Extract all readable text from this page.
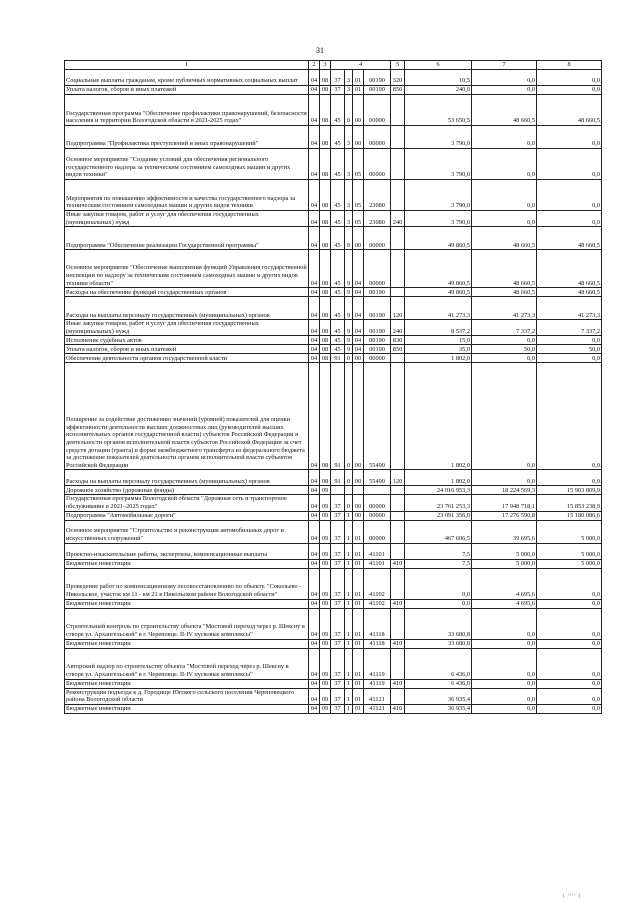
31
1	2	3	4				5	6	7	8
Социальные выплаты гражданам, кроме публичных нормативных социальных выплат	04	08	37	3	01	00190	320	10,5	0,0	0,0
Уплата налогов, сборов и иных платежей	04	08	37	3	01	00190	850	240,0	0,0	0,0
Государственная программа "Обеспечение профилактики правонарушений, безопасности населения и территории Вологодской области в 2021-2025 годах"	04	08	45	0	00	00000		53 650,5	48 660,5	48 660,5
Подпрограмма "Профилактика преступлений и иных правонарушений"	04	08	45	3	00	00000		3 790,0	0,0	0,0
Основное мероприятие "Создание условий для обеспечения регионального государственного надзора за техническим состоянием самоходных машин и других видов техники"	04	08	45	3	05	00000		3 790,0	0,0	0,0
Мероприятия по повышению эффективности и качества государственного надзора за техническим состоянием самоходных машин и других видов техники	04	08	45	3	05	23080		3 790,0	0,0	0,0
Иные закупки товаров, работ и услуг для обеспечения государственных (муниципальных) нужд	04	08	45	3	05	23080	240	3 790,0	0,0	0,0
Подпрограмма "Обеспечение реализации Государственной программы"	04	08	45	9	00	00000		49 860,5	48 660,5	48 660,5
Основное мероприятие "Обеспечение выполнения функций Управления государственной инспекции по надзору за техническим состоянием самоходных машин и других видов техники области"	04	08	45	9	04	00000		49 860,5	48 660,5	48 660,5
Расходы на обеспечение функций государственных органов	04	08	45	9	04	00190		49 860,5	48 660,5	48 660,5
Расходы на выплаты персоналу государственных (муниципальных) органов	04	08	45	9	04	00190	120	41 273,3	41 273,3	41 273,3
Иные закупки товаров, работ и услуг для обеспечения государственных (муниципальных) нужд	04	08	45	9	04	00190	240	8 537,2	7 337,2	7 337,2
Исполнение судебных актов	04	08	45	9	04	00190	830	15,0	0,0	0,0
Уплата налогов, сборов и иных платежей	04	08	45	9	04	00190	850	35,0	50,0	50,0
Обеспечение деятельности органов государственной власти	04	08	91	0	00	00000		1 802,0	0,0	0,0
Поощрение за содействие достижению значений (уровней) показателей для оценки эффективности деятельности высших должностных лиц (руководителей высших исполнительных органов государственной власти) субъектов Российской Федерации и деятельности органов исполнительной власти субъектов Российской Федерации за счет средств дотации (гранта) в форме межбюджетного трансферта из федерального бюджета за достижение показателей деятельности органов исполнительной власти субъектов Российской Федерации	04	08	91	0	00	55490		1 802,0	0,0	0,0
Расходы на выплаты персоналу государственных (муниципальных) органов	04	08	91	0	00	55490	120	1 802,0	0,0	0,0
Дорожное хозяйство (дорожные фонды)	04	09						24 016 953,3	18 224 569,3	15 903 809,9
Государственная программа Вологодской области "Дорожная сеть и транспортное обслуживание в 2021–2025 годах"	04	09	37	0	00	00000		23 761 253,3	17 948 718,1	15 853 238,9
Подпрограмма "Автомобильные дороги"	04	09	37	1	00	00000		23 091 356,0	17 276 590,8	15 180 086,6
Основное мероприятие "Строительство и реконструкция автомобильных дорог и искусственных сооружений"	04	09	37	1	01	00000		467 606,5	39 695,6	5 000,0
Проектно-изыскательские работы, экспертизы, компенсационные выплаты	04	09	37	1	01	41101		7,5	5 000,0	5 000,0
Бюджетные инвестиции	04	09	37	1	01	41101	410	7,5	5 000,0	5 000,0
Проведение работ по компенсационному лесовосстановлению по объекту. "Сокольево - Никольское, участок км 11 - км 21 в Никольском районе Вологодской области"	04	09	37	1	01	41102		0,0	4 695,6	0,0
Бюджетные инвестиции	04	09	37	1	01	41102	410	0,0	4 695,6	0,0
Строительный контроль по строительству объекта "Мостовой переход через р. Шексну в створе ул. Архангельской" в г. Череповце. II-IV пусковые комплексы"	04	09	37	1	01	41118		33 680,8	0,0	0,0
Бюджетные инвестиции	04	09	37	1	01	41118	410	33 680,8	0,0	0,0
Авторский надзор по строительству объекта "Мостовой переход через р. Шексну в створе ул. Архангельской" в г. Череповце. II-IV пусковые комплексы"	04	09	37	1	01	41119		6 436,0	0,0	0,0
Бюджетные инвестиции	04	09	37	1	01	41119	410	6 436,0	0,0	0,0
Реконструкция подъезда к д. Городище Югского сельского поселения Череповецкого района Вологодской области	04	09	37	1	01	41121		36 935,4	0,0	0,0
Бюджетные инвестиции	04	09	37	1	01	41121	410	36 935,4	0,0	0,0
( ⁽ᴵᴵ⁾ (
